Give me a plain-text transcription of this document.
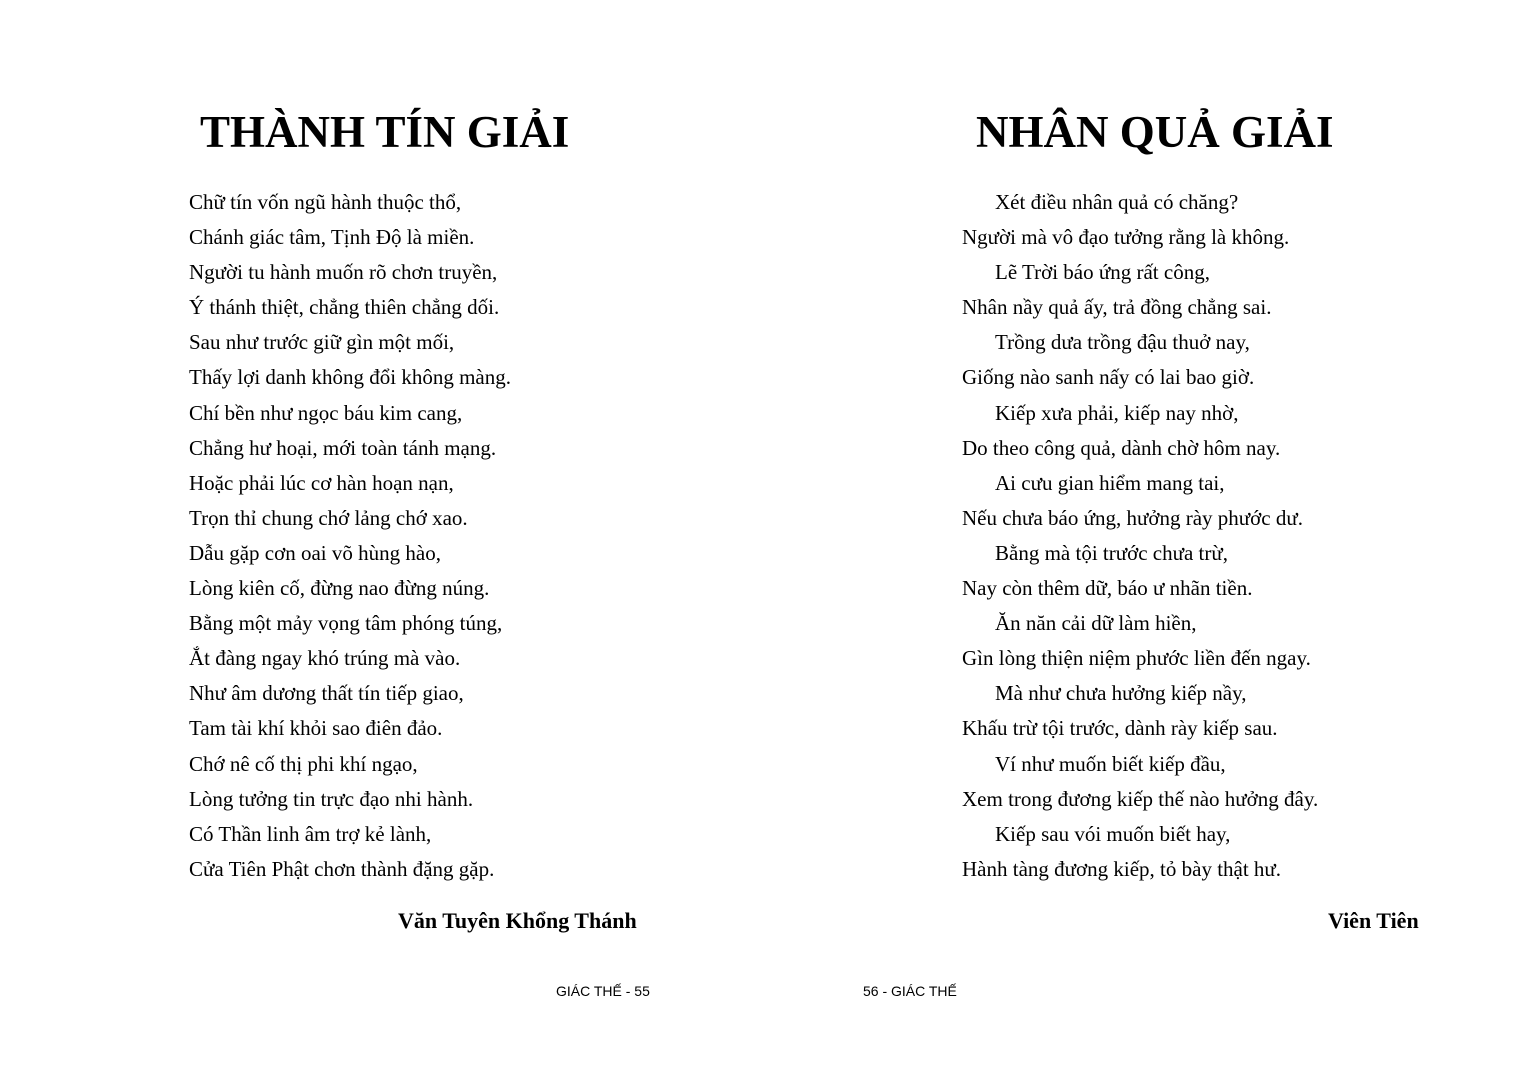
THÀNH TÍN GIẢI
Chữ tín vốn ngũ hành thuộc thổ,
Chánh giác tâm, Tịnh Độ là miền.
Người tu hành muốn rõ chơn truyền,
Ý thánh thiệt, chẳng thiên chẳng dối.
Sau như trước giữ gìn một mối,
Thấy lợi danh không đổi không màng.
Chí bền như ngọc báu kim cang,
Chẳng hư hoại, mới toàn tánh mạng.
Hoặc phải lúc cơ hàn hoạn nạn,
Trọn thỉ chung chớ lảng chớ xao.
Dẫu gặp cơn oai võ hùng hào,
Lòng kiên cố, đừng nao đừng núng.
Bằng một mảy vọng tâm phóng túng,
Ắt đàng ngay khó trúng mà vào.
Như âm dương thất tín tiếp giao,
Tam tài khí khỏi sao điên đảo.
Chớ nê cố thị phi khí ngạo,
Lòng tưởng tin trực đạo nhi hành.
Có Thần linh âm trợ kẻ lành,
Cửa Tiên Phật chơn thành đặng gặp.

Văn Tuyên Khổng Thánh

GIÁC THẾ - 55

NHÂN QUẢ GIẢI
Xét điều nhân quả có chăng?
Người mà vô đạo tưởng rằng là không.
Lẽ Trời báo ứng rất công,
Nhân nầy quả ấy, trả đồng chẳng sai.
Trồng dưa trồng đậu thuở nay,
Giống nào sanh nấy có lai bao giờ.
Kiếp xưa phải, kiếp nay nhờ,
Do theo công quả, dành chờ hôm nay.
Ai cưu gian hiểm mang tai,
Nếu chưa báo ứng, hưởng rày phước dư.
Bằng mà tội trước chưa trừ,
Nay còn thêm dữ, báo ư nhãn tiền.
Ăn năn cải dữ làm hiền,
Gìn lòng thiện niệm phước liền đến ngay.
Mà như chưa hưởng kiếp nầy,
Khấu trừ tội trước, dành rày kiếp sau.
Ví như muốn biết kiếp đầu,
Xem trong đương kiếp thế nào hưởng đây.
Kiếp sau vói muốn biết hay,
Hành tàng đương kiếp, tỏ bày thật hư.

Viên Tiên

56 - GIÁC THẾ
